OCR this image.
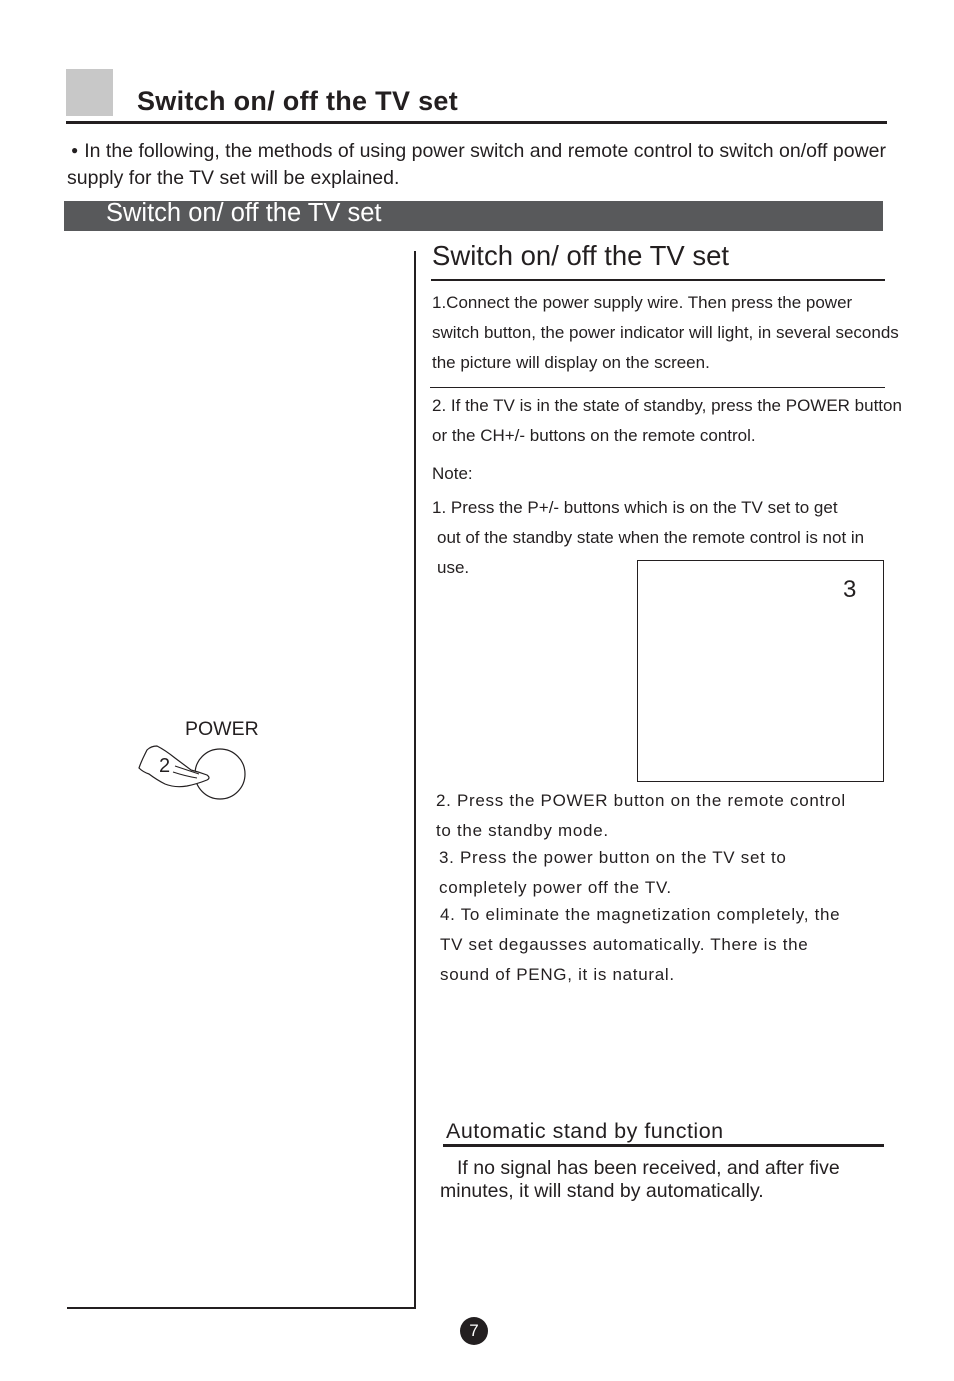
Switch on/ off the TV set
● In the following, the methods of using power switch and remote control to switch on/off power supply for the TV set will be explained.
Switch on/ off the TV set
POWER
2
Switch on/ off the TV set
1.Connect the power supply wire. Then press the power switch button, the power indicator will light, in several seconds the picture will display on the screen.
2. If the TV is in the state of standby, press the POWER button or the CH+/- buttons on the remote control.
Note:
1. Press the P+/- buttons which is on the TV set to get
out of the standby state when the remote control is not in use.
3
2. Press the POWER button on the remote control
to the standby mode.
3. Press the power button on the TV set to
completely power off the TV.
4. To eliminate the magnetization completely, the
TV set degausses automatically. There is the
sound of PENG, it is natural.
Automatic stand by function
If no signal has been received, and after five minutes, it will stand by automatically.
7
